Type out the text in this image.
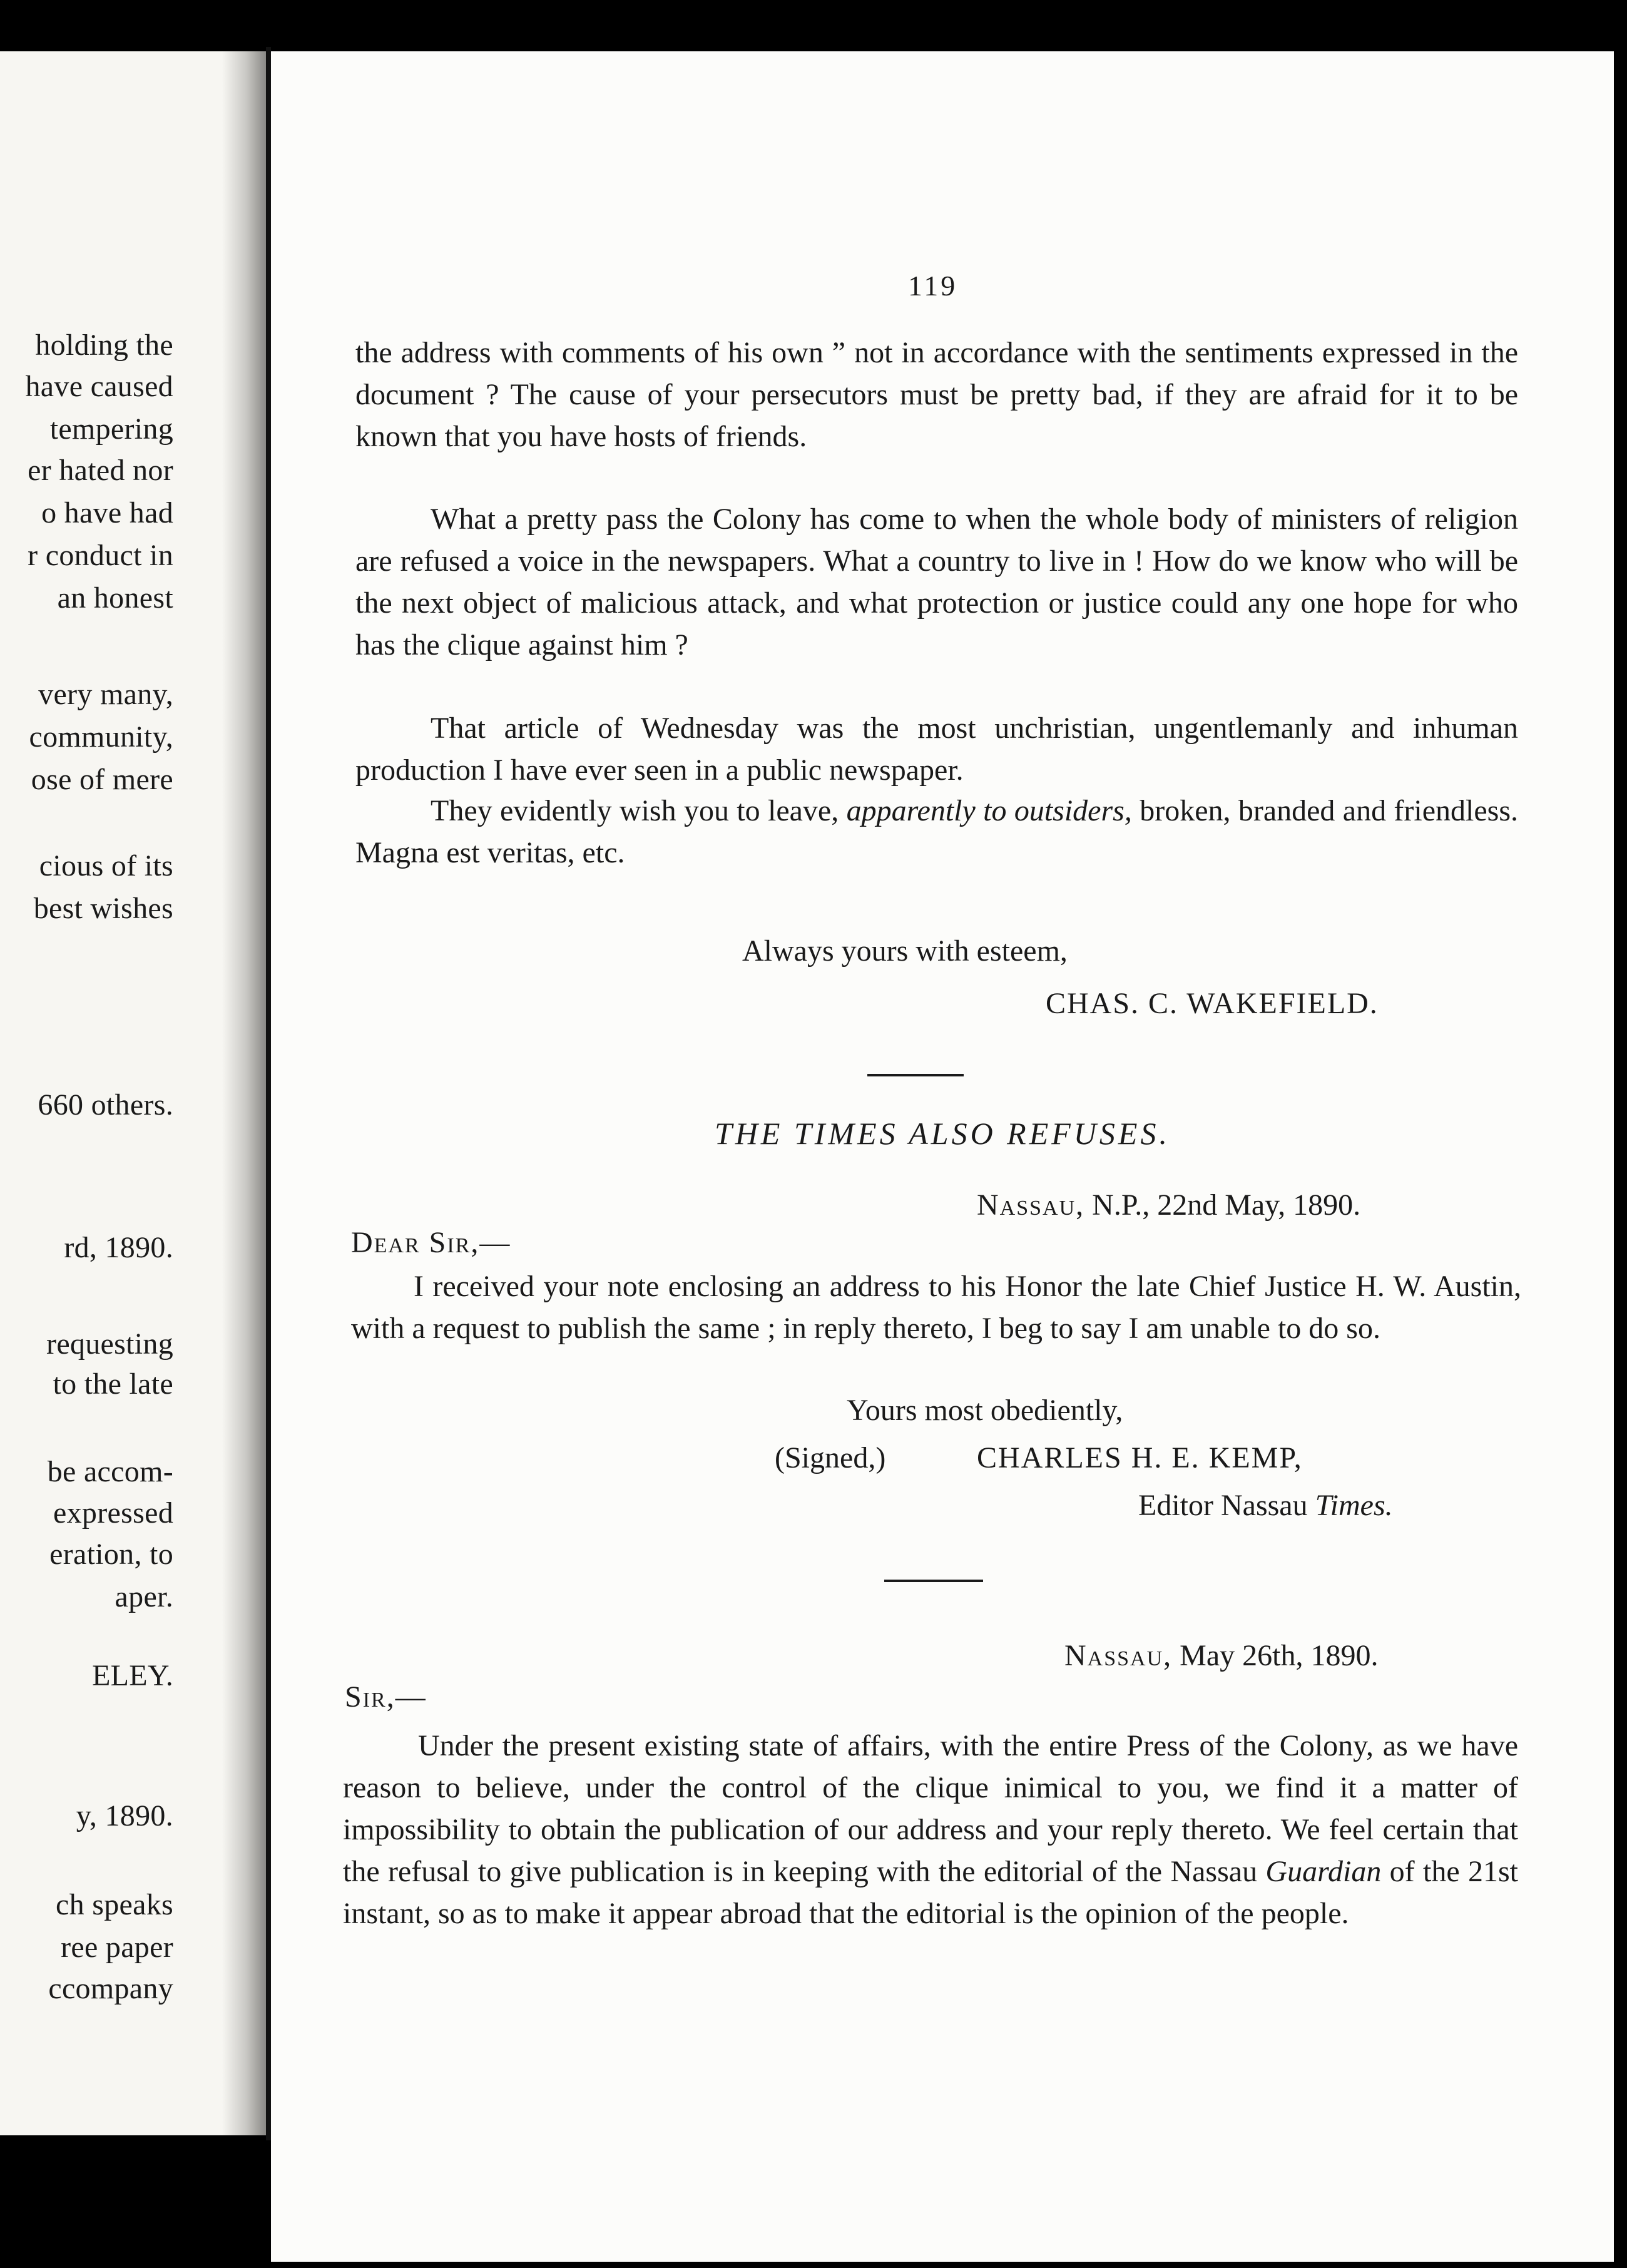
holding the
have caused
tempering
er hated nor
o have had
r conduct in
an honest
very many,
community,
ose of mere
cious of its
best wishes
660 others.
rd, 1890.
requesting
to the late
be accom-
expressed
eration, to
aper.
ELEY.
y, 1890.
ch speaks
ree paper
ccompany
119

the address with comments of his own ” not in accordance with the sentiments expressed in the document ? The cause of your persecutors must be pretty bad, if they are afraid for it to be known that you have hosts of friends.

What a pretty pass the Colony has come to when the whole body of ministers of religion are refused a voice in the newspapers. What a country to live in ! How do we know who will be the next object of malicious attack, and what protection or justice could any one hope for who has the clique against him ?

That article of Wednesday was the most unchristian, ungentlemanly and inhuman production I have ever seen in a public newspaper.

They evidently wish you to leave, apparently to outsiders, broken, branded and friendless. Magna est veritas, etc.

Always yours with esteem,
CHAS. C. WAKEFIELD.
THE TIMES ALSO REFUSES.
Nassau, N.P., 22nd May, 1890.
Dear Sir,—

I received your note enclosing an address to his Honor the late Chief Justice H. W. Austin, with a request to publish the same ; in reply thereto, I beg to say I am unable to do so.

Yours most obediently,
(Signed,)	CHARLES H. E. KEMP,
Editor Nassau Times.
Nassau, May 26th, 1890.
Sir,—

Under the present existing state of affairs, with the entire Press of the Colony, as we have reason to believe, under the control of the clique inimical to you, we find it a matter of impossibility to obtain the publication of our address and your reply thereto. We feel certain that the refusal to give publication is in keeping with the editorial of the Nassau Guardian of the 21st instant, so as to make it appear abroad that the editorial is the opinion of the people.
